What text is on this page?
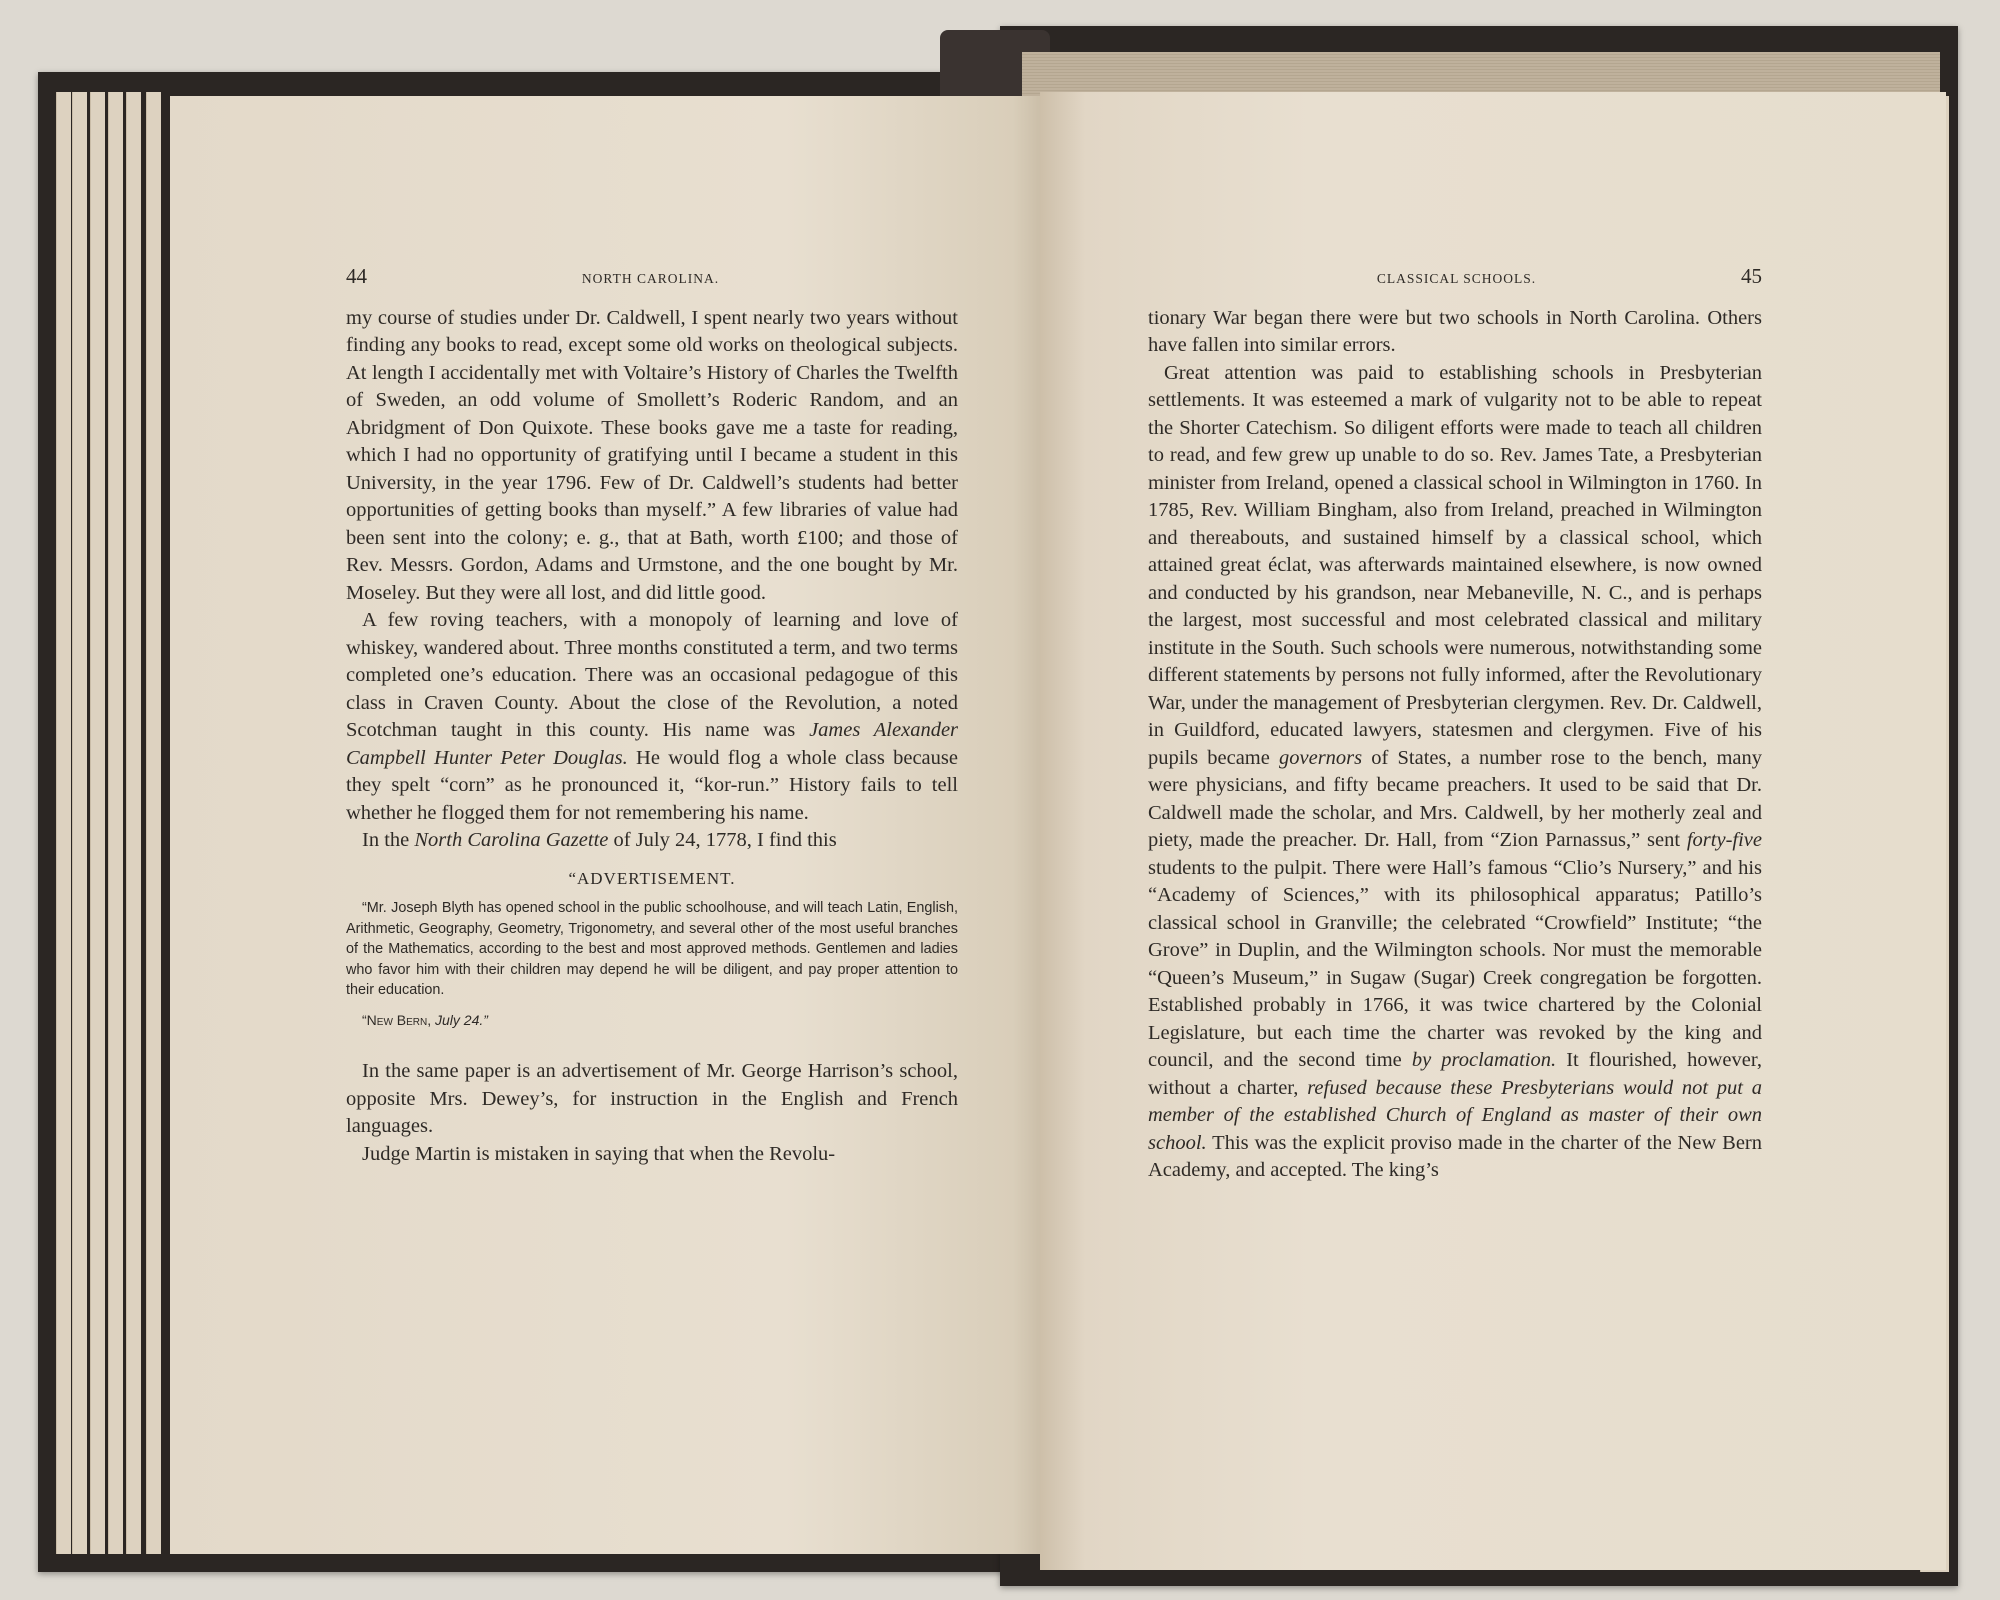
44	NORTH CAROLINA.

my course of studies under Dr. Caldwell, I spent nearly two years without finding any books to read, except some old works on theological subjects. At length I accidentally met with Voltaire’s History of Charles the Twelfth of Sweden, an odd volume of Smollett’s Roderic Random, and an Abridgment of Don Quixote. These books gave me a taste for reading, which I had no opportunity of gratifying until I became a student in this University, in the year 1796. Few of Dr. Caldwell’s students had better opportunities of getting books than myself.” A few libraries of value had been sent into the colony; e. g., that at Bath, worth £100; and those of Rev. Messrs. Gordon, Adams and Urmstone, and the one bought by Mr. Moseley. But they were all lost, and did little good.

A few roving teachers, with a monopoly of learning and love of whiskey, wandered about. Three months constituted a term, and two terms completed one’s education. There was an occasional pedagogue of this class in Craven County. About the close of the Revolution, a noted Scotchman taught in this county. His name was James Alexander Campbell Hunter Peter Douglas. He would flog a whole class because they spelt “corn” as he pronounced it, “kor-run.” History fails to tell whether he flogged them for not remembering his name.

In the North Carolina Gazette of July 24, 1778, I find this

“ADVERTISEMENT.
“Mr. Joseph Blyth has opened school in the public schoolhouse, and will teach Latin, English, Arithmetic, Geography, Geometry, Trigonometry, and several other of the most useful branches of the Mathematics, according to the best and most approved methods. Gentlemen and ladies who favor him with their children may depend he will be diligent, and pay proper attention to their education.
“New Bern, July 24.”

In the same paper is an advertisement of Mr. George Harrison’s school, opposite Mrs. Dewey’s, for instruction in the English and French languages.

Judge Martin is mistaken in saying that when the Revolu-

CLASSICAL SCHOOLS.	45

tionary War began there were but two schools in North Carolina. Others have fallen into similar errors.

Great attention was paid to establishing schools in Presbyterian settlements. It was esteemed a mark of vulgarity not to be able to repeat the Shorter Catechism. So diligent efforts were made to teach all children to read, and few grew up unable to do so. Rev. James Tate, a Presbyterian minister from Ireland, opened a classical school in Wilmington in 1760. In 1785, Rev. William Bingham, also from Ireland, preached in Wilmington and thereabouts, and sustained himself by a classical school, which attained great éclat, was afterwards maintained elsewhere, is now owned and conducted by his grandson, near Mebaneville, N. C., and is perhaps the largest, most successful and most celebrated classical and military institute in the South. Such schools were numerous, notwithstanding some different statements by persons not fully informed, after the Revolutionary War, under the management of Presbyterian clergymen. Rev. Dr. Caldwell, in Guildford, educated lawyers, statesmen and clergymen. Five of his pupils became governors of States, a number rose to the bench, many were physicians, and fifty became preachers. It used to be said that Dr. Caldwell made the scholar, and Mrs. Caldwell, by her motherly zeal and piety, made the preacher. Dr. Hall, from “Zion Parnassus,” sent forty-five students to the pulpit. There were Hall’s famous “Clio’s Nursery,” and his “Academy of Sciences,” with its philosophical apparatus; Patillo’s classical school in Granville; the celebrated “Crowfield” Institute; “the Grove” in Duplin, and the Wilmington schools. Nor must the memorable “Queen’s Museum,” in Sugaw (Sugar) Creek congregation be forgotten. Established probably in 1766, it was twice chartered by the Colonial Legislature, but each time the charter was revoked by the king and council, and the second time by proclamation. It flourished, however, without a charter, refused because these Presbyterians would not put a member of the established Church of England as master of their own school. This was the explicit proviso made in the charter of the New Bern Academy, and accepted. The king’s
